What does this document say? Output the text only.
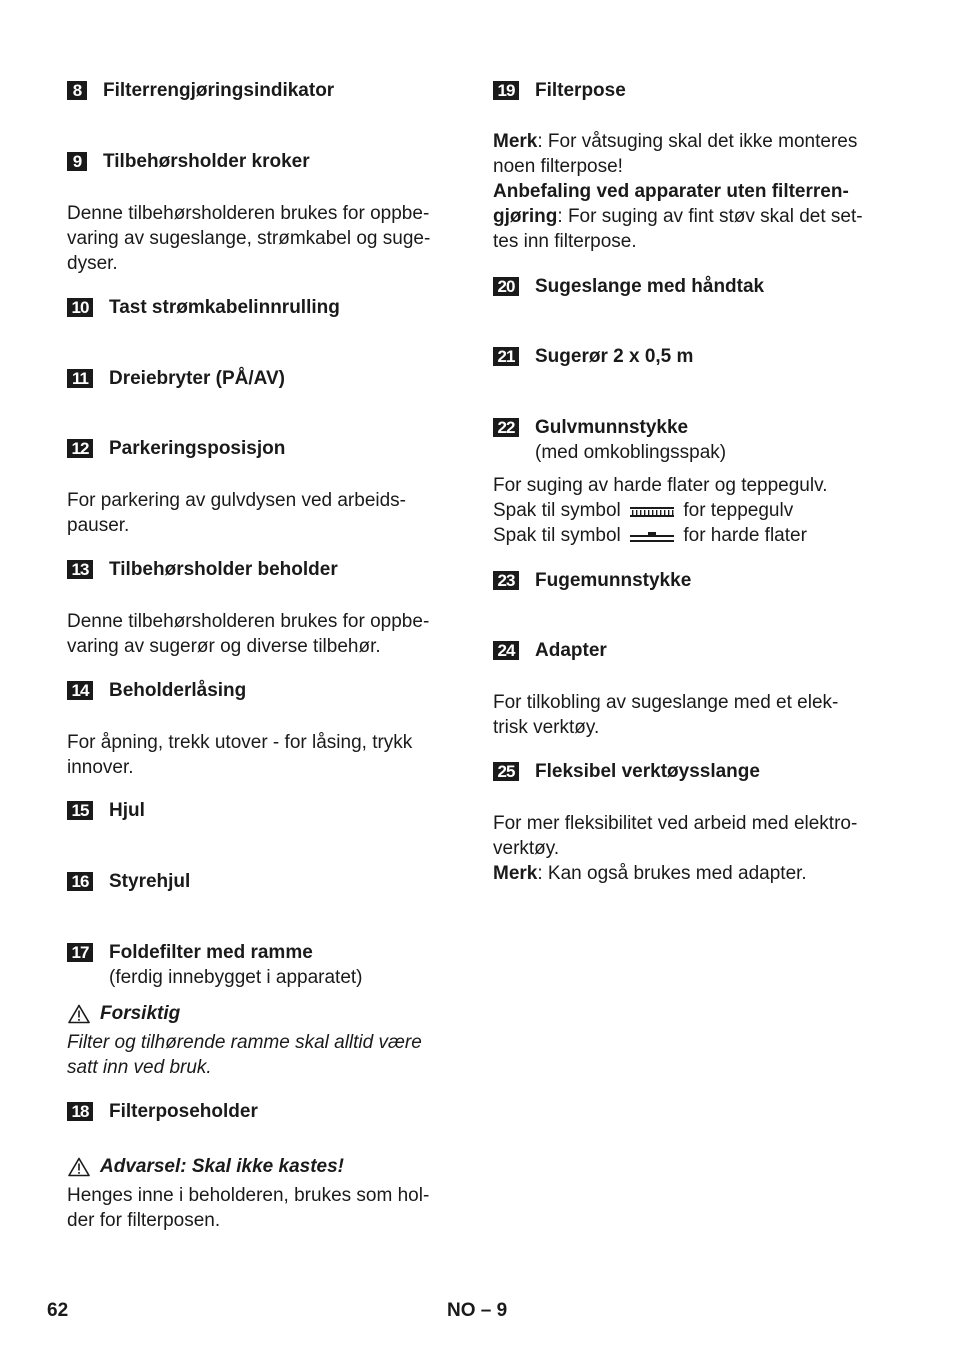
8	Filterrengjøringsindikator
9	Tilbehørsholder kroker

Denne tilbehørsholderen brukes for oppbe-
varing av sugeslange, strømkabel og suge-
dyser.

10 Tast strømkabelinnrulling
11 Dreiebryter (PÅ/AV)
12 Parkeringsposisjon

For parkering av gulvdysen ved arbeids-
pauser.

13 Tilbehørsholder beholder

Denne tilbehørsholderen brukes for oppbe-
varing av sugerør og diverse tilbehør.

14 Beholderlåsing

For åpning, trekk utover - for låsing, trykk
innover.

15 Hjul
16 Styrehjul
17 Foldefilter med ramme
(ferdig innebygget i apparatet)
Forsiktig

Filter og tilhørende ramme skal alltid være
satt inn ved bruk.

18 Filterposeholder
Advarsel: Skal ikke kastes!

Henges inne i beholderen, brukes som hol-
der for filterposen.

19 Filterpose

Merk: For våtsuging skal det ikke monteres
noen filterpose!

Anbefaling ved apparater uten filterren-
gjøring: For suging av fint støv skal det set-
tes inn filterpose.

20 Sugeslange med håndtak
21 Sugerør 2 x 0,5 m
22 Gulvmunnstykke
(med omkoblingsspak)

For suging av harde flater og teppegulv.

Spak til symbol	for teppegulv

Spak til symbol	for harde flater

23 Fugemunnstykke
24 Adapter

For tilkobling av sugeslange med et elek-
trisk verktøy.

25 Fleksibel verktøysslange

For mer fleksibilitet ved arbeid med elektro-
verktøy.

Merk: Kan også brukes med adapter.

62	NO – 9
